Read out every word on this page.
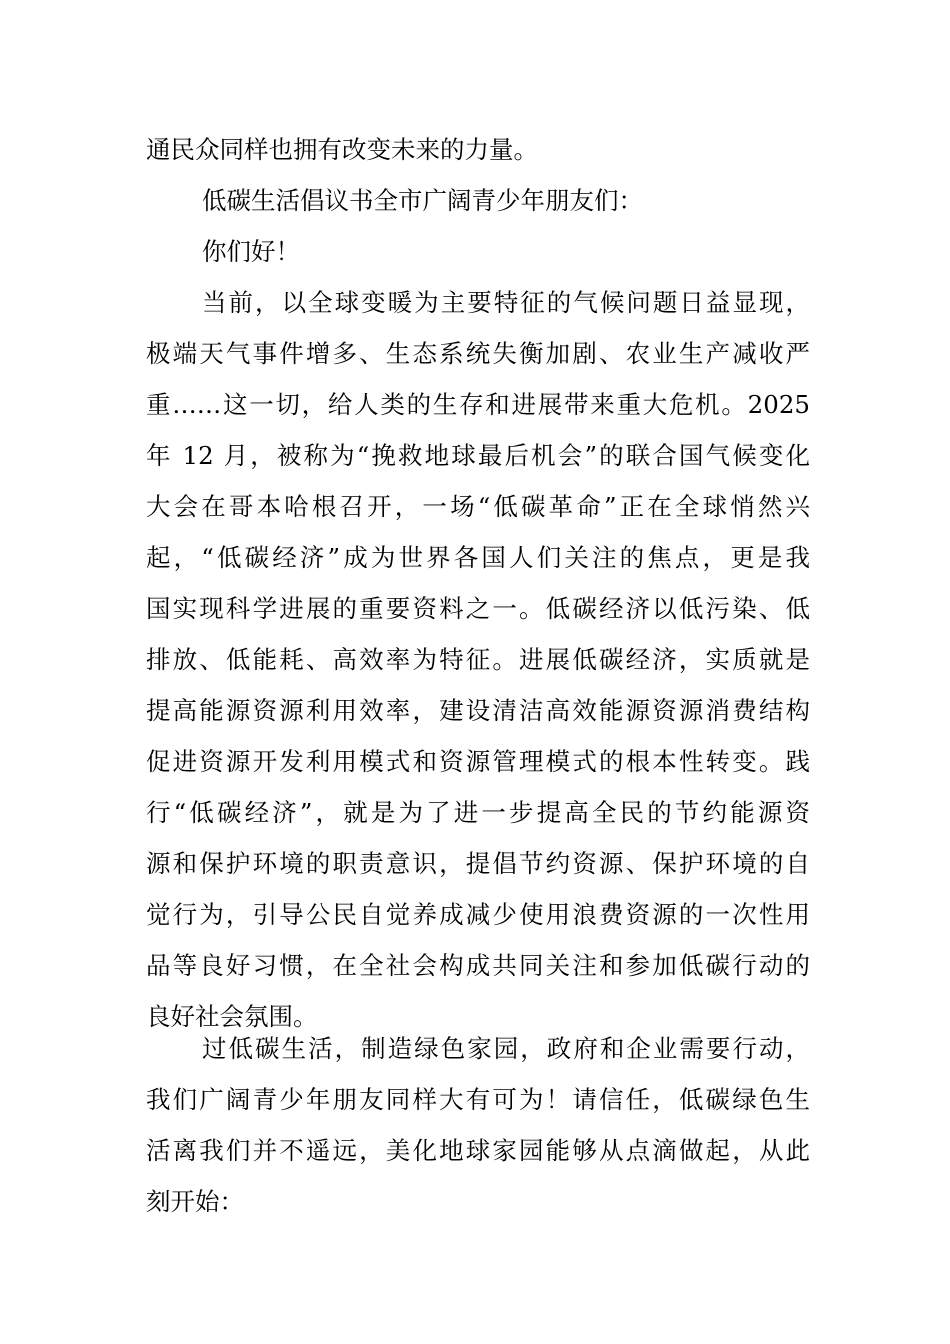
通民众同样也拥有改变未来的力量。
低碳生活倡议书全市广阔青少年朋友们：
你们好！
当前，以全球变暖为主要特征的气候问题日益显现，
极端天气事件增多、生态系统失衡加剧、农业生产减收严
重……这一切，给人类的生存和进展带来重大危机。2025
年 12 月，被称为“挽救地球最后机会”的联合国气候变化
大会在哥本哈根召开，一场“低碳革命”正在全球悄然兴
起，“低碳经济”成为世界各国人们关注的焦点，更是我
国实现科学进展的重要资料之一。低碳经济以低污染、低
排放、低能耗、高效率为特征。进展低碳经济，实质就是
提高能源资源利用效率，建设清洁高效能源资源消费结构
促进资源开发利用模式和资源管理模式的根本性转变。践
行“低碳经济”，就是为了进一步提高全民的节约能源资
源和保护环境的职责意识，提倡节约资源、保护环境的自
觉行为，引导公民自觉养成减少使用浪费资源的一次性用
品等良好习惯，在全社会构成共同关注和参加低碳行动的
良好社会氛围。
过低碳生活，制造绿色家园，政府和企业需要行动，
我们广阔青少年朋友同样大有可为！请信任，低碳绿色生
活离我们并不遥远，美化地球家园能够从点滴做起，从此
刻开始：
